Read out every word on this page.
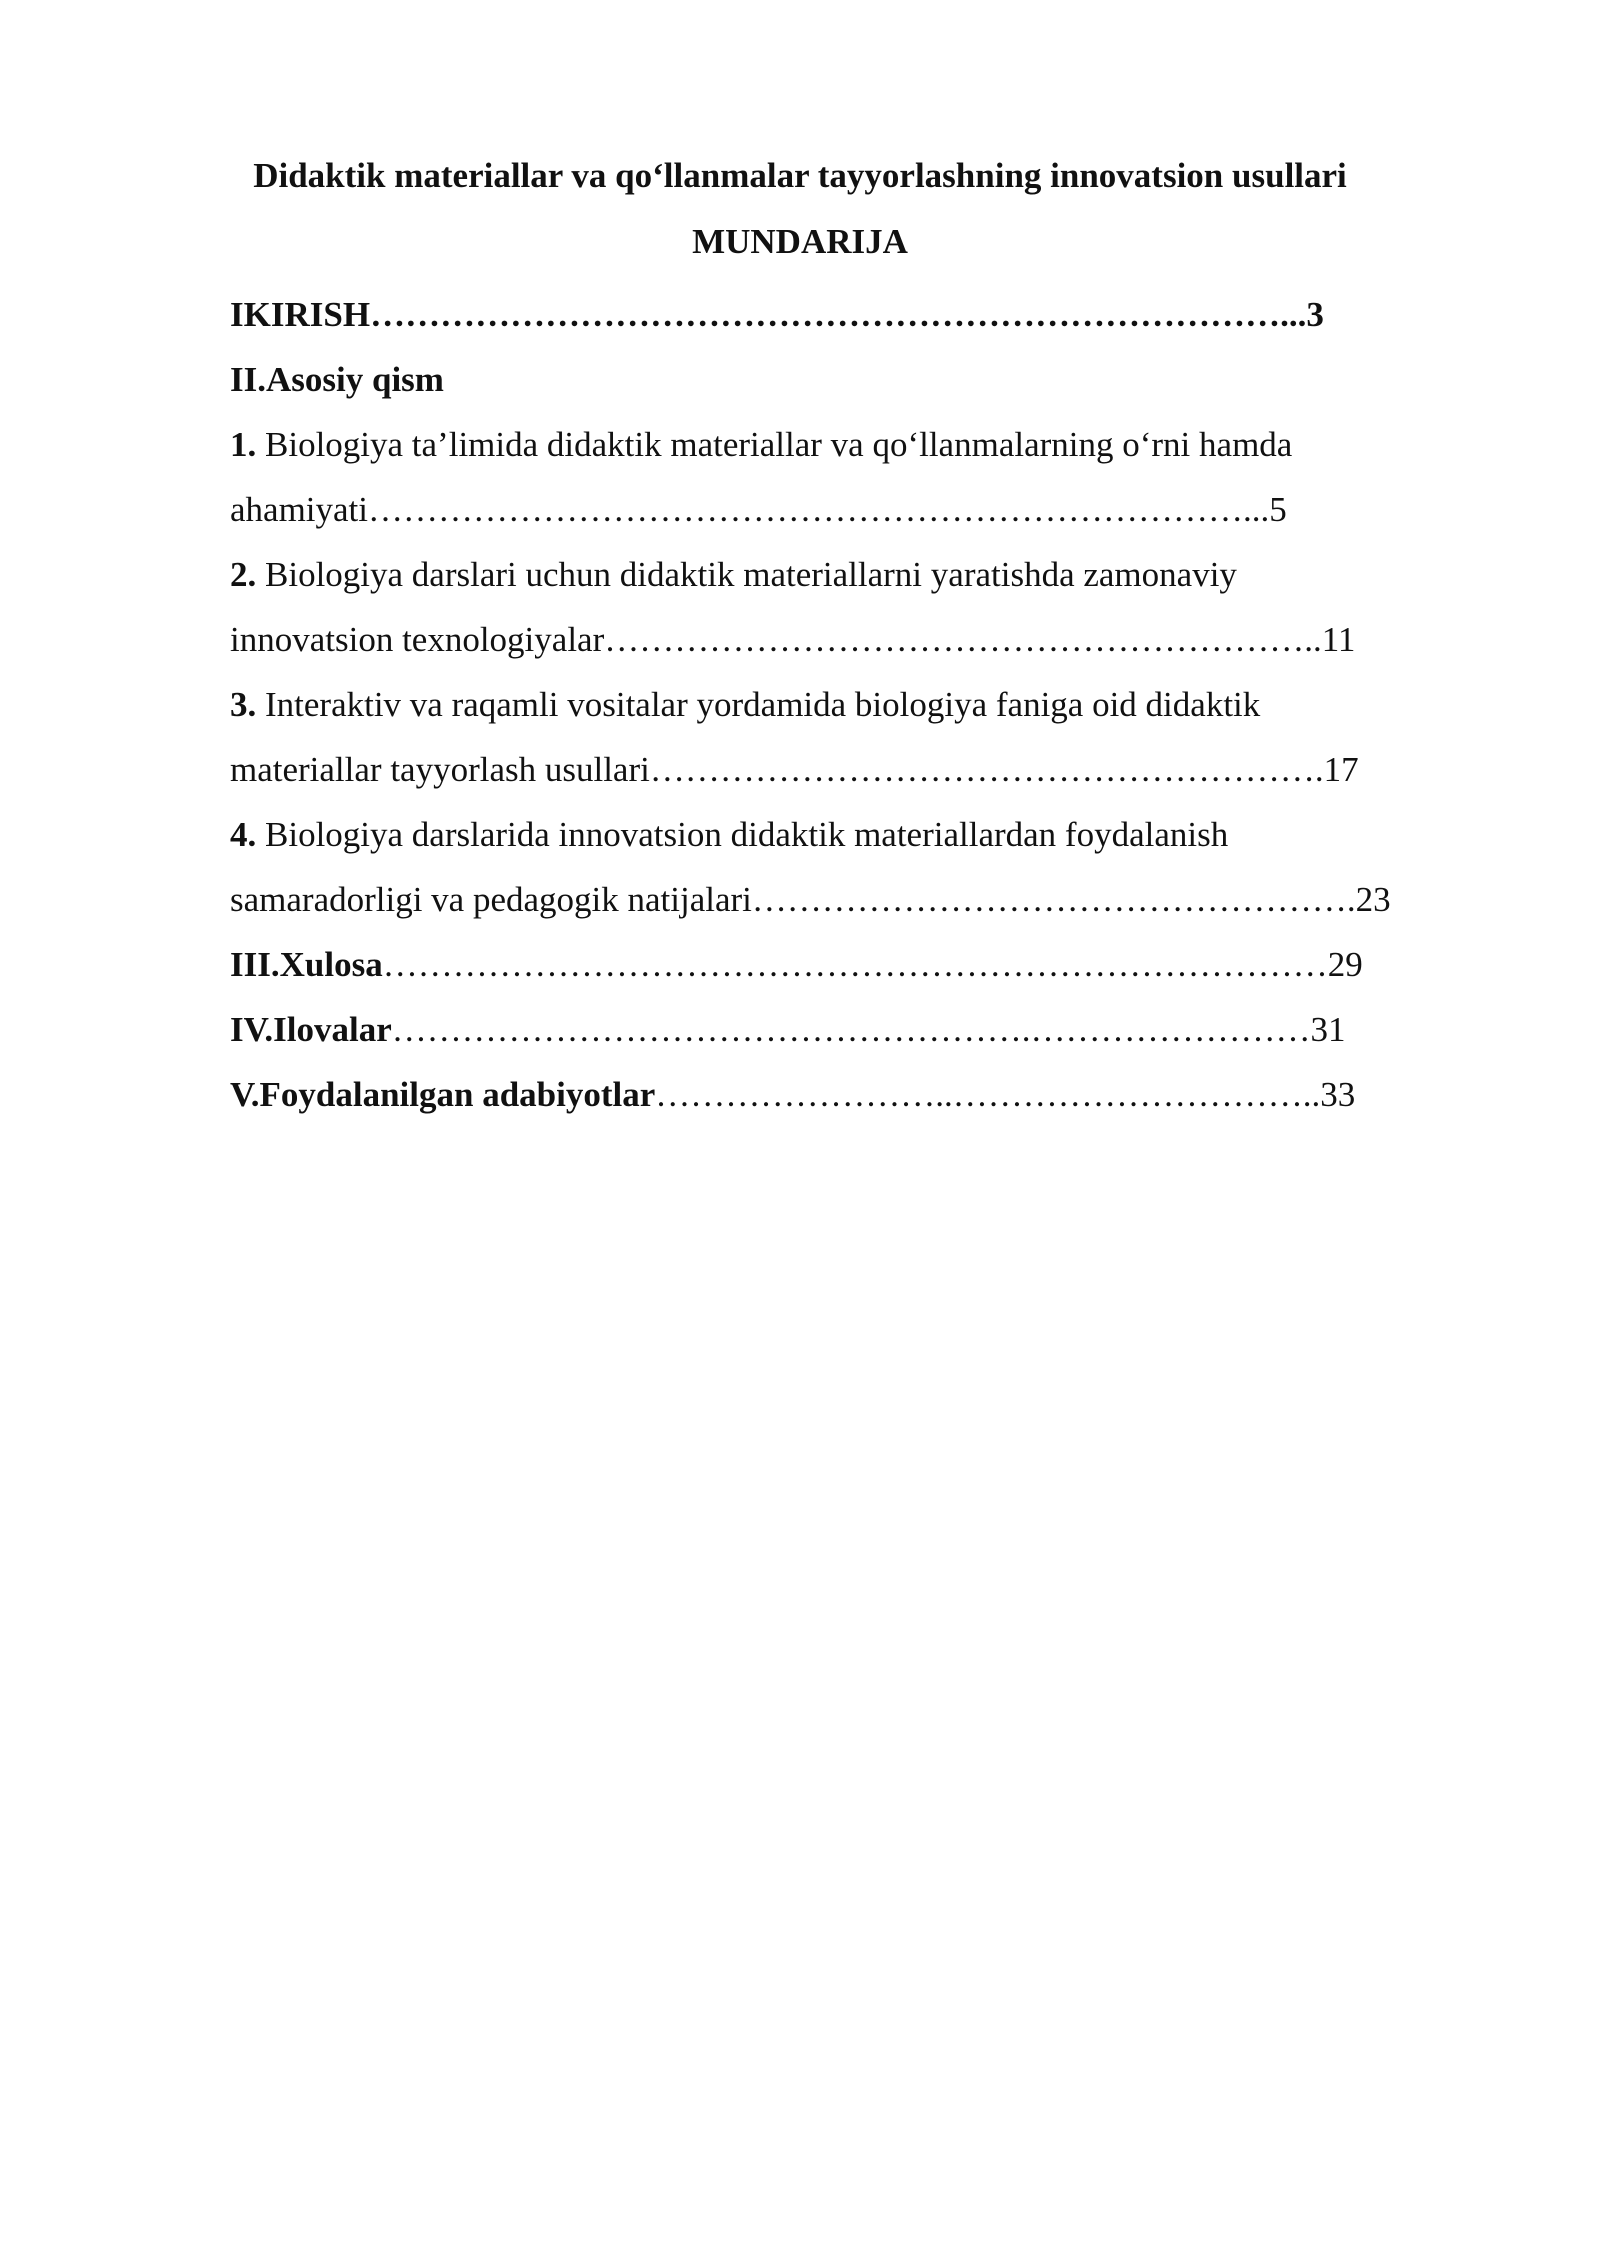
Didaktik materiallar va qo‘llanmalar tayyorlashning innovatsion usullari
MUNDARIJA
IKIRISH……………………………………………………………………...3
II.Asosiy qism
1. Biologiya ta’limida didaktik materiallar va qo‘llanmalarning o‘rni hamda
ahamiyati…………………………………………………………………...5
2. Biologiya darslari uchun didaktik materiallarni yaratishda zamonaviy
innovatsion texnologiyalar……………………………………………………..11
3. Interaktiv va raqamli vositalar yordamida biologiya faniga oid didaktik
materiallar tayyorlash usullari………………………………………………….17
4. Biologiya darslarida innovatsion didaktik materiallardan foydalanish
samaradorligi va pedagogik natijalari…………………………………………….23
III.Xulosa………………………………………………………………………29
IV.Ilovalar……………………………………………….……………………31
V.Foydalanilgan adabiyotlar……………………..…………………………..33
